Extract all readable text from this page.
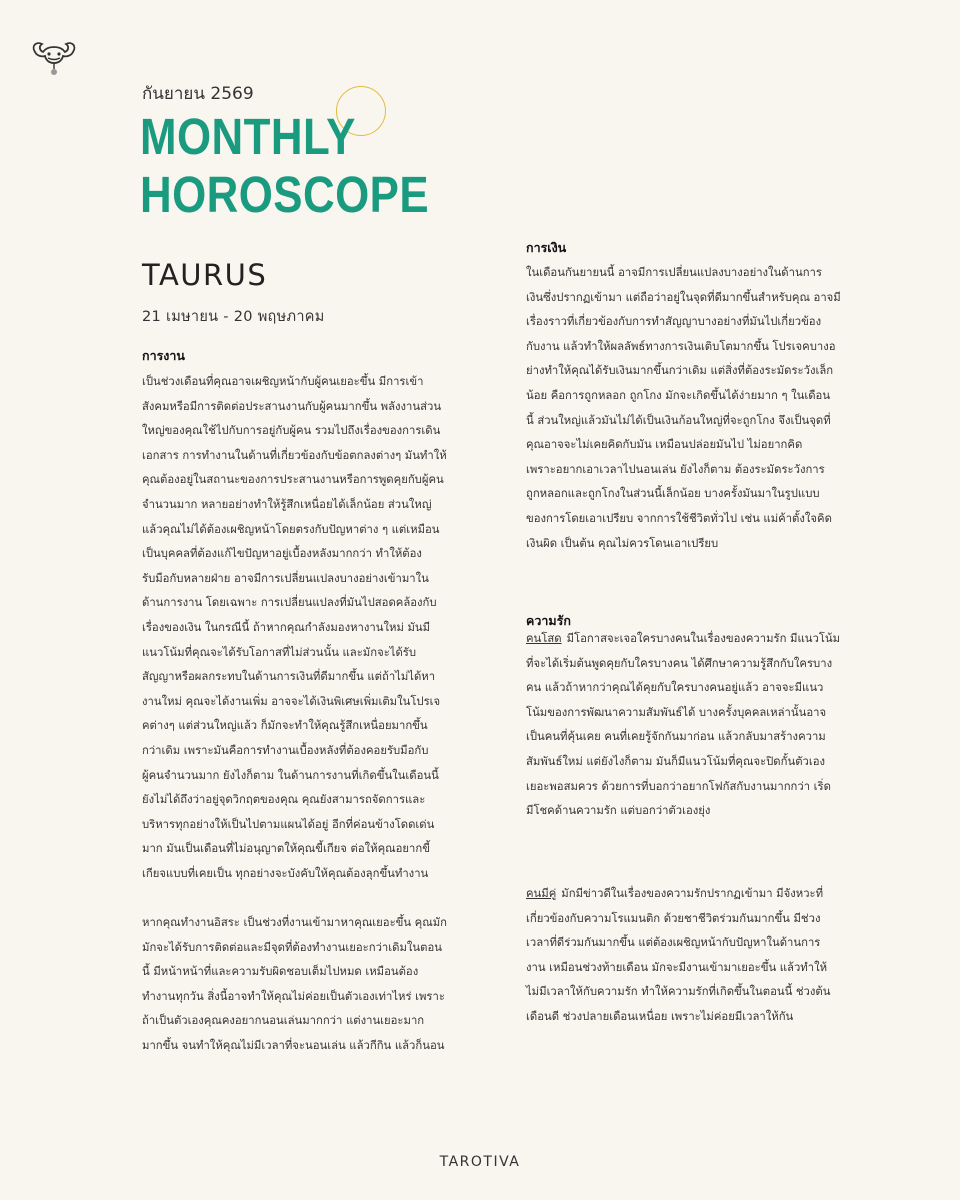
กันยายน 2569
MONTHLY
HOROSCOPE
TAURUS
21 เมษายน - 20 พฤษภาคม
การงาน

เป็นช่วงเดือนที่คุณอาจเผชิญหน้ากับผู้คนเยอะขึ้น มีการเข้า
สังคมหรือมีการติดต่อประสานงานกับผู้คนมากขึ้น พลังงานส่วน
ใหญ่ของคุณใช้ไปกับการอยู่กับผู้คน รวมไปถึงเรื่องของการเดิน
เอกสาร การทำงานในด้านที่เกี่ยวข้องกับข้อตกลงต่างๆ มันทำให้
คุณต้องอยู่ในสถานะของการประสานงานหรือการพูดคุยกับผู้คน
จำนวนมาก หลายอย่างทำให้รู้สึกเหนื่อยได้เล็กน้อย ส่วนใหญ่
แล้วคุณไม่ได้ต้องเผชิญหน้าโดยตรงกับปัญหาต่าง ๆ แต่เหมือน
เป็นบุคคลที่ต้องแก้ไขปัญหาอยู่เบื้องหลังมากกว่า ทำให้ต้อง
รับมือกับหลายฝ่าย อาจมีการเปลี่ยนแปลงบางอย่างเข้ามาใน
ด้านการงาน โดยเฉพาะ การเปลี่ยนแปลงที่มันไปสอดคล้องกับ
เรื่องของเงิน ในกรณีนี้ ถ้าหากคุณกำลังมองหางานใหม่ มันมี
แนวโน้มที่คุณจะได้รับโอกาสที่ไม่ส่วนนั้น และมักจะได้รับ
สัญญาหรือผลกระทบในด้านการเงินที่ดีมากขึ้น แต่ถ้าไม่ได้หา
งานใหม่ คุณจะได้งานเพิ่ม อาจจะได้เงินพิเศษเพิ่มเติมในโปรเจ
คต่างๆ แต่ส่วนใหญ่แล้ว ก็มักจะทำให้คุณรู้สึกเหนื่อยมากขึ้น
กว่าเดิม เพราะมันคือการทำงานเบื้องหลังที่ต้องคอยรับมือกับ
ผู้คนจำนวนมาก ยังไงก็ตาม ในด้านการงานที่เกิดขึ้นในเดือนนี้
ยังไม่ได้ถึงว่าอยู่จุดวิกฤตของคุณ คุณยังสามารถจัดการและ
บริหารทุกอย่างให้เป็นไปตามแผนได้อยู่ อีกที่ค่อนข้างโดดเด่น
มาก มันเป็นเดือนที่ไม่อนุญาตให้คุณขี้เกียจ ต่อให้คุณอยากขี้
เกียจแบบที่เคยเป็น ทุกอย่างจะบังคับให้คุณต้องลุกขึ้นทำงาน

หากคุณทำงานอิสระ เป็นช่วงที่งานเข้ามาหาคุณเยอะขึ้น คุณมัก
มักจะได้รับการติดต่อและมีจุดที่ต้องทำงานเยอะกว่าเดิมในตอน
นี้ มีหน้าหน้าที่และความรับผิดชอบเต็มไปหมด เหมือนต้อง
ทำงานทุกวัน สิ่งนี้อาจทำให้คุณไม่ค่อยเป็นตัวเองเท่าไหร่ เพราะ
ถ้าเป็นตัวเองคุณคงอยากนอนเล่นมากกว่า แต่งานเยอะมาก
มากขึ้น จนทำให้คุณไม่มีเวลาที่จะนอนเล่น แล้วกีกิน แล้วก็นอน

การเงิน

ในเดือนกันยายนนี้ อาจมีการเปลี่ยนแปลงบางอย่างในด้านการ
เงินซึ่งปรากฏเข้ามา แต่ถือว่าอยู่ในจุดที่ดีมากขึ้นสำหรับคุณ อาจมี
เรื่องราวที่เกี่ยวข้องกับการทำสัญญาบางอย่างที่มันไปเกี่ยวข้อง
กับงาน แล้วทำให้ผลลัพธ์ทางการเงินเติบโตมากขึ้น โปรเจคบางอ
ย่างทำให้คุณได้รับเงินมากขึ้นกว่าเดิม แต่สิ่งที่ต้องระมัดระวังเล็ก
น้อย คือการถูกหลอก ถูกโกง มักจะเกิดขึ้นได้ง่ายมาก ๆ ในเดือน
นี้ ส่วนใหญ่แล้วมันไม่ได้เป็นเงินก้อนใหญ่ที่จะถูกโกง จึงเป็นจุดที่
คุณอาจจะไม่เคยคิดกับมัน เหมือนปล่อยมันไป ไม่อยากคิด
เพราะอยากเอาเวลาไปนอนเล่น ยังไงก็ตาม ต้องระมัดระวังการ
ถูกหลอกและถูกโกงในส่วนนี้เล็กน้อย บางครั้งมันมาในรูปแบบ
ของการโดยเอาเปรียบ จากการใช้ชีวิตทั่วไป เช่น แม่ค้าตั้งใจคิด
เงินผิด เป็นต้น คุณไม่ควรโดนเอาเปรียบ

ความรัก

คนโสด มีโอกาสจะเจอใครบางคนในเรื่องของความรัก มีแนวโน้ม
ที่จะได้เริ่มต้นพูดคุยกับใครบางคน ได้ศึกษาความรู้สึกกับใครบาง
คน แล้วถ้าหากว่าคุณได้คุยกับใครบางคนอยู่แล้ว อาจจะมีแนว
โน้มของการพัฒนาความสัมพันธ์ได้ บางครั้งบุคคลเหล่านั้นอาจ
เป็นคนที่คุ้นเคย คนที่เคยรู้จักกันมาก่อน แล้วกลับมาสร้างความ
สัมพันธ์ใหม่ แต่ยังไงก็ตาม มันก็มีแนวโน้มที่คุณจะปิดกั้นตัวเอง
เยอะพอสมควร ด้วยการที่บอกว่าอยากโฟกัสกับงานมากกว่า เริ่ด
มีโชคด้านความรัก แต่บอกว่าตัวเองยุ่ง

คนมีคู่ มักมีข่าวดีในเรื่องของความรักปรากฏเข้ามา มีจังหวะที่
เกี่ยวข้องกับความโรแมนติก ด้วยชาชีวิตร่วมกันมากขึ้น มีช่วง
เวลาที่ดีร่วมกันมากขึ้น แต่ต้องเผชิญหน้ากับปัญหาในด้านการ
งาน เหมือนช่วงท้ายเดือน มักจะมีงานเข้ามาเยอะขึ้น แล้วทำให้
ไม่มีเวลาให้กับความรัก ทำให้ความรักที่เกิดขึ้นในตอนนี้ ช่วงต้น
เดือนดี ช่วงปลายเดือนเหนื่อย เพราะไม่ค่อยมีเวลาให้กัน

TAROTIVA
